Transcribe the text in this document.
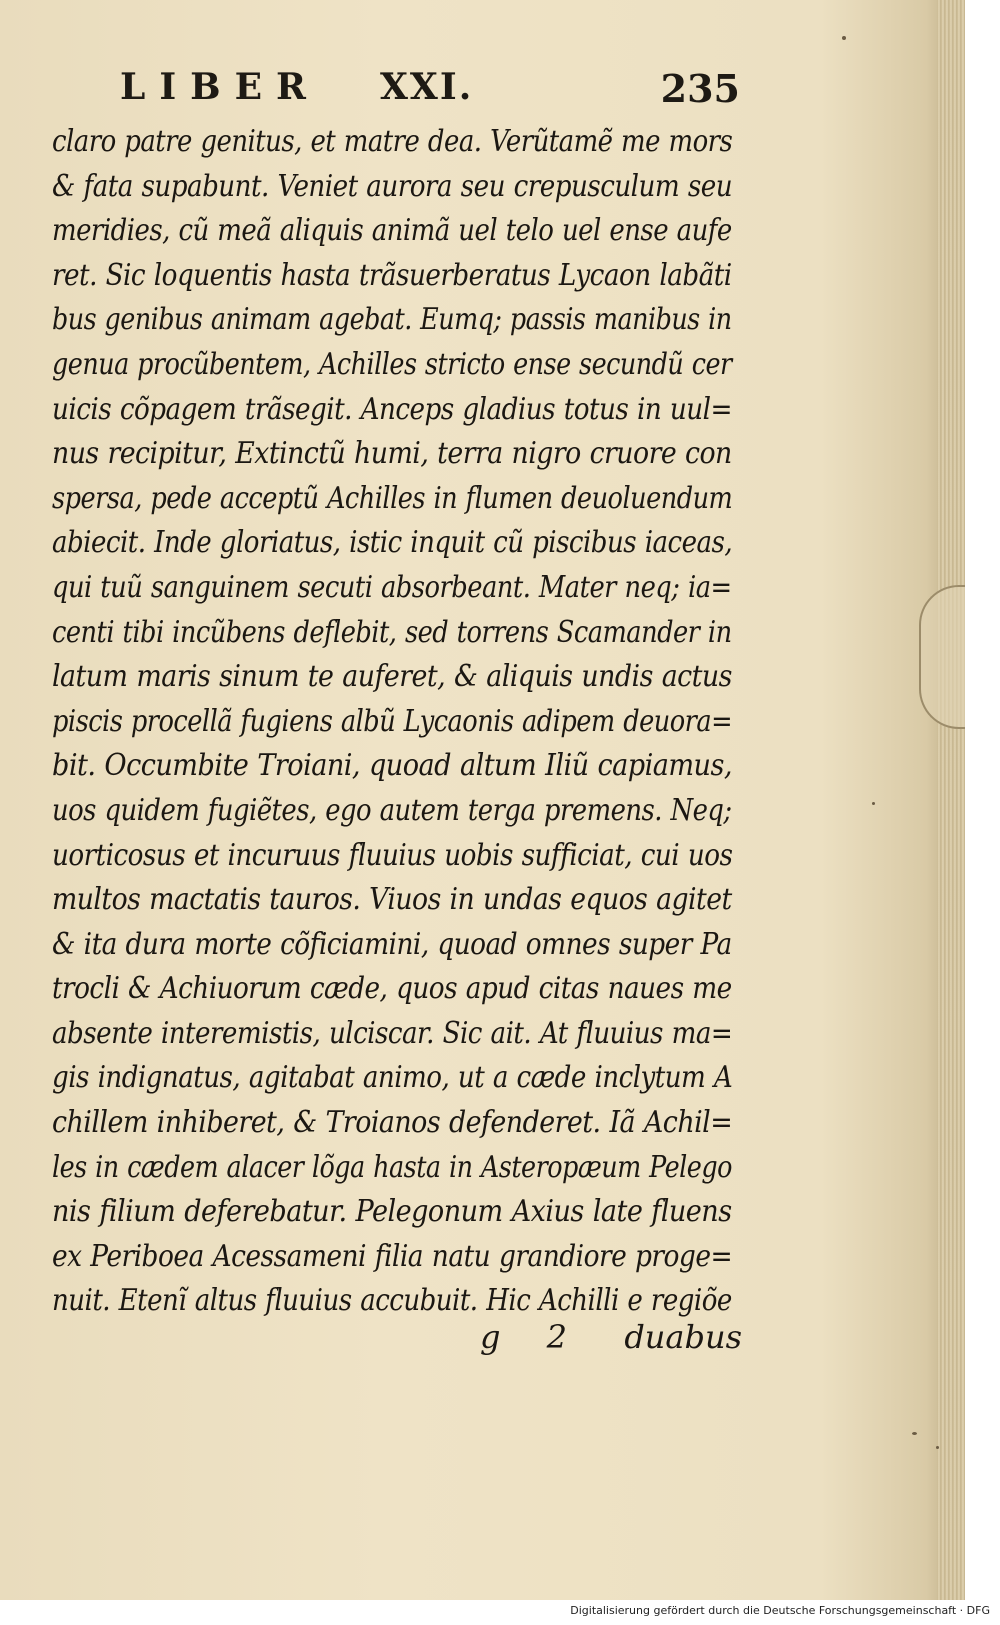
LIBER XXI.	235
claro patre genitus, et matre dea. Verũtamẽ me mors
& fata supabunt. Veniet aurora seu crepusculum seu
meridies, cũ meã aliquis animã uel telo uel ense aufe
ret. Sic loquentis hasta trãsuerberatus Lycaon labãti
bus genibus animam agebat. Eumq; passis manibus in
genua procũbentem, Achilles stricto ense secundũ cer
uicis cõpagem trãsegit. Anceps gladius totus in uul=
nus recipitur, Extinctũ humi, terra nigro cruore con
spersa, pede acceptũ Achilles in flumen deuoluendum
abiecit. Inde gloriatus, istic inquit cũ piscibus iaceas,
qui tuũ sanguinem secuti absorbeant. Mater neq; ia=
centi tibi incũbens deflebit, sed torrens Scamander in
latum maris sinum te auferet, & aliquis undis actus
piscis procellã fugiens albũ Lycaonis adipem deuora=
bit. Occumbite Troiani, quoad altum Iliũ capiamus,
uos quidem fugiẽtes, ego autem terga premens. Neq;
uorticosus et incuruus fluuius uobis sufficiat, cui uos
multos mactatis tauros. Viuos in undas equos agitet
& ita dura morte cõficiamini, quoad omnes super Pa
trocli & Achiuorum cæde, quos apud citas naues me
absente interemistis, ulciscar. Sic ait. At fluuius ma=
gis indignatus, agitabat animo, ut a cæde inclytum A
chillem inhiberet, & Troianos defenderet. Iã Achil=
les in cædem alacer lõga hasta in Asteropæum Pelego
nis filium deferebatur. Pelegonum Axius late fluens
ex Periboea Acessameni filia natu grandiore proge=
nuit. Etenĩ altus fluuius accubuit. Hic Achilli e regiõe
g 2 duabus
Digitalisierung gefördert durch die Deutsche Forschungsgemeinschaft · DFG
